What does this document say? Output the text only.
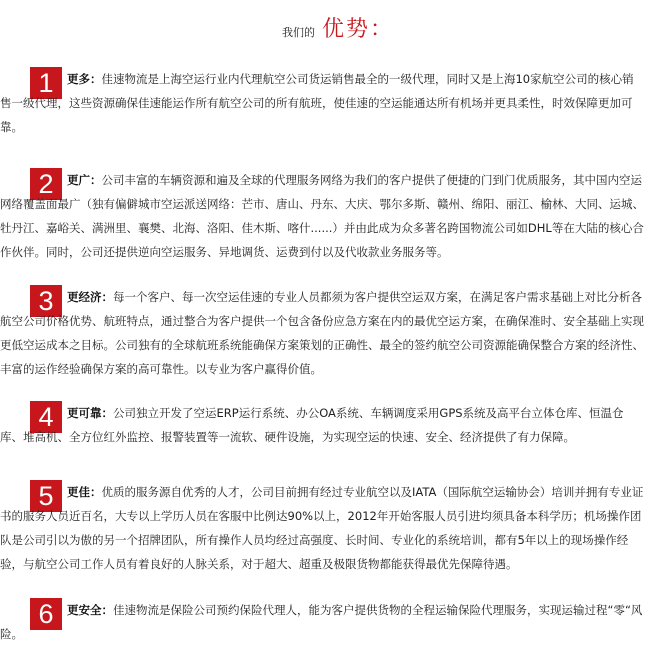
我们的 优势：
1	更多：佳速物流是上海空运行业内代理航空公司货运销售最全的一级代理，同时又是上海10家航空公司的核心销售一级代理，这些资源确保佳速能运作所有航空公司的所有航班，使佳速的空运能通达所有机场并更具柔性，时效保障更加可靠。

2	更广：公司丰富的车辆资源和遍及全球的代理服务网络为我们的客户提供了便捷的门到门优质服务，其中国内空运网络覆盖面最广（独有偏僻城市空运派送网络：芒市、唐山、丹东、大庆、鄂尔多斯、赣州、绵阳、丽江、榆林、大同、运城、牡丹江、嘉峪关、满洲里、襄樊、北海、洛阳、佳木斯、喀什......）并由此成为众多著名跨国物流公司如DHL等在大陆的核心合作伙伴。同时，公司还提供逆向空运服务、异地调货、运费到付以及代收款业务服务等。

3	更经济：每一个客户、每一次空运佳速的专业人员都须为客户提供空运双方案，在满足客户需求基础上对比分析各航空公司价格优势、航班特点，通过整合为客户提供一个包含备份应急方案在内的最优空运方案，在确保准时、安全基础上实现更低空运成本之目标。公司独有的全球航班系统能确保方案策划的正确性、最全的签约航空公司资源能确保整合方案的经济性、丰富的运作经验确保方案的高可靠性。以专业为客户赢得价值。

4	更可靠：公司独立开发了空运ERP运行系统、办公OA系统、车辆调度采用GPS系统及高平台立体仓库、恒温仓库、堆高机、全方位红外监控、报警装置等一流软、硬件设施，为实现空运的快速、安全、经济提供了有力保障。

5	更佳：优质的服务源自优秀的人才，公司目前拥有经过专业航空以及IATA（国际航空运输协会）培训并拥有专业证书的服务人员近百名，大专以上学历人员在客服中比例达90%以上，2012年开始客服人员引进均须具备本科学历；机场操作团队是公司引以为傲的另一个招牌团队，所有操作人员均经过高强度、长时间、专业化的系统培训，都有5年以上的现场操作经验，与航空公司工作人员有着良好的人脉关系，对于超大、超重及极限货物都能获得最优先保障待遇。

6	更安全：佳速物流是保险公司预约保险代理人，能为客户提供货物的全程运输保险代理服务，实现运输过程“零“风险。
